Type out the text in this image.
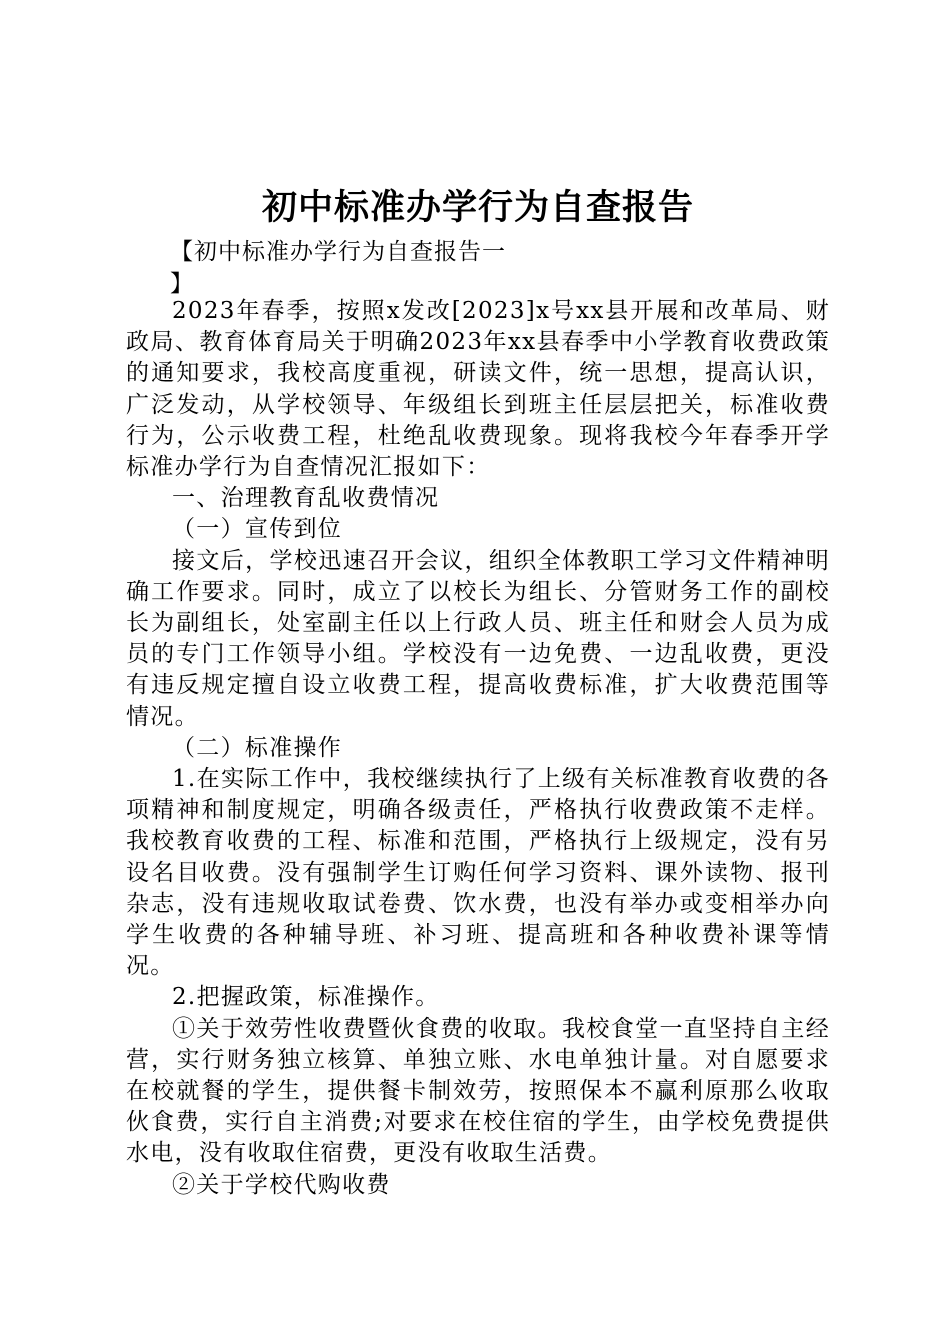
初中标准办学行为自查报告
【初中标准办学行为自查报告一
】

2023年春季，按照x发改[2023]x号xx县开展和改革局、财政局、教育体育局关于明确2023年xx县春季中小学教育收费政策的通知要求，我校高度重视，研读文件，统一思想，提高认识，广泛发动，从学校领导、年级组长到班主任层层把关，标准收费行为，公示收费工程，杜绝乱收费现象。现将我校今年春季开学标准办学行为自查情况汇报如下：

一、治理教育乱收费情况

（一）宣传到位

接文后，学校迅速召开会议，组织全体教职工学习文件精神明确工作要求。同时，成立了以校长为组长、分管财务工作的副校长为副组长，处室副主任以上行政人员、班主任和财会人员为成员的专门工作领导小组。学校没有一边免费、一边乱收费，更没有违反规定擅自设立收费工程，提高收费标准，扩大收费范围等情况。

（二）标准操作

1.在实际工作中，我校继续执行了上级有关标准教育收费的各项精神和制度规定，明确各级责任，严格执行收费政策不走样。我校教育收费的工程、标准和范围，严格执行上级规定，没有另设名目收费。没有强制学生订购任何学习资料、课外读物、报刊杂志，没有违规收取试卷费、饮水费，也没有举办或变相举办向学生收费的各种辅导班、补习班、提高班和各种收费补课等情况。

2.把握政策，标准操作。

①关于效劳性收费暨伙食费的收取。我校食堂一直坚持自主经营，实行财务独立核算、单独立账、水电单独计量。对自愿要求在校就餐的学生，提供餐卡制效劳，按照保本不赢利原那么收取伙食费，实行自主消费;对要求在校住宿的学生，由学校免费提供水电，没有收取住宿费，更没有收取生活费。

②关于学校代购收费
